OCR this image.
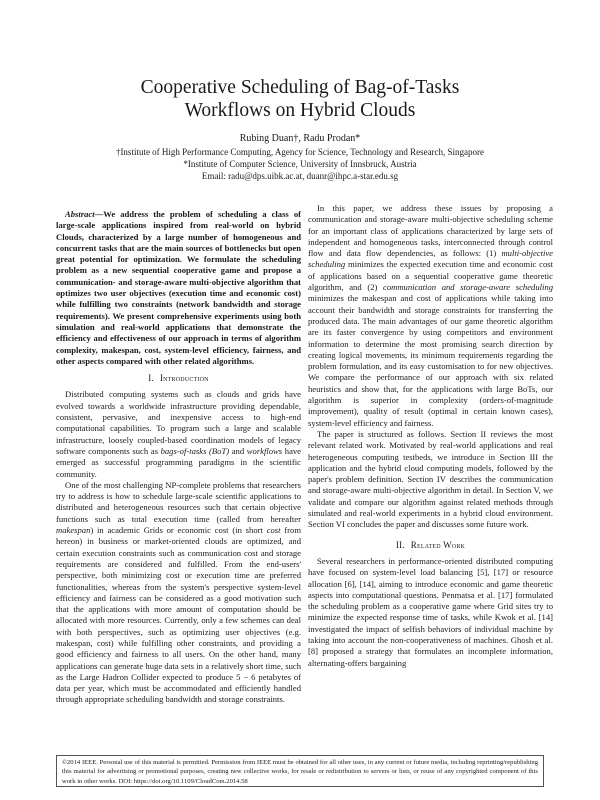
Cooperative Scheduling of Bag-of-Tasks
Workflows on Hybrid Clouds
Rubing Duan†, Radu Prodan*
†Institute of High Performance Computing, Agency for Science, Technology and Research, Singapore
*Institute of Computer Science, University of Innsbruck, Austria
Email: radu@dps.uibk.ac.at, duanr@ihpc.a-star.edu.sg

Abstract—We address the problem of scheduling a class of large-scale applications inspired from real-world on hybrid Clouds, characterized by a large number of homogeneous and concurrent tasks that are the main sources of bottlenecks but open great potential for optimization. We formulate the scheduling problem as a new sequential cooperative game and propose a communication- and storage-aware multi-objective algorithm that optimizes two user objectives (execution time and economic cost) while fulfilling two constraints (network bandwidth and storage requirements). We present comprehensive experiments using both simulation and real-world applications that demonstrate the efficiency and effectiveness of our approach in terms of algorithm complexity, makespan, cost, system-level efficiency, fairness, and other aspects compared with other related algorithms.

I. Introduction

Distributed computing systems such as clouds and grids have evolved towards a worldwide infrastructure providing dependable, consistent, pervasive, and inexpensive access to high-end computational capabilities. To program such a large and scalable infrastructure, loosely coupled-based coordination models of legacy software components such as bags-of-tasks (BoT) and workflows have emerged as successful programming paradigms in the scientific community.

One of the most challenging NP-complete problems that researchers try to address is how to schedule large-scale scientific applications to distributed and heterogeneous resources such that certain objective functions such as total execution time (called from hereafter makespan) in academic Grids or economic cost (in short cost from hereon) in business or market-oriented clouds are optimized, and certain execution constraints such as communication cost and storage requirements are considered and fulfilled. From the end-users' perspective, both minimizing cost or execution time are preferred functionalities, whereas from the system's perspective system-level efficiency and fairness can be considered as a good motivation such that the applications with more amount of computation should be allocated with more resources. Currently, only a few schemes can deal with both perspectives, such as optimizing user objectives (e.g. makespan, cost) while fulfilling other constraints, and providing a good efficiency and fairness to all users. On the other hand, many applications can generate huge data sets in a relatively short time, such as the Large Hadron Collider expected to produce 5 − 6 petabytes of data per year, which must be accommodated and efficiently handled through appropriate scheduling bandwidth and storage constraints.

In this paper, we address these issues by proposing a communication and storage-aware multi-objective scheduling scheme for an important class of applications characterized by large sets of independent and homogeneous tasks, interconnected through control flow and data flow dependencies, as follows: (1) multi-objective scheduling minimizes the expected execution time and economic cost of applications based on a sequential cooperative game theoretic algorithm, and (2) communication and storage-aware scheduling minimizes the makespan and cost of applications while taking into account their bandwidth and storage constraints for transferring the produced data. The main advantages of our game theoretic algorithm are its faster convergence by using competitors and environment information to determine the most promising search direction by creating logical movements, its minimum requirements regarding the problem formulation, and its easy customisation to for new objectives. We compare the performance of our approach with six related heuristics and show that, for the applications with large BoTs, our algorithm is superior in complexity (orders-of-magnitude improvement), quality of result (optimal in certain known cases), system-level efficiency and fairness.

The paper is structured as follows. Section II reviews the most relevant related work. Motivated by real-world applications and real heterogeneous computing testbeds, we introduce in Section III the application and the hybrid cloud computing models, followed by the paper's problem definition. Section IV describes the communication and storage-aware multi-objective algorithm in detail. In Section V, we validate and compare our algorithm against related methods through simulated and real-world experiments in a hybrid cloud environment. Section VI concludes the paper and discusses some future work.

II. Related Work

Several researchers in performance-oriented distributed computing have focused on system-level load balancing [5], [17] or resource allocation [6], [14], aiming to introduce economic and game theoretic aspects into computational questions. Penmatsa et al. [17] formulated the scheduling problem as a cooperative game where Grid sites try to minimize the expected response time of tasks, while Kwok et al. [14] investigated the impact of selfish behaviors of individual machine by taking into account the non-cooperativeness of machines. Ghosh et al. [8] proposed a strategy that formulates an incomplete information, alternating-offers bargaining

©2014 IEEE. Personal use of this material is permitted. Permission from IEEE must be obtained for all other uses, in any current or future media, including reprinting/republishing this material for advertising or promotional purposes, creating new collective works, for resale or redistribution to servers or lists, or reuse of any copyrighted component of this work in other works. DOI: https://doi.org/10.1109/CloudCom.2014.58
